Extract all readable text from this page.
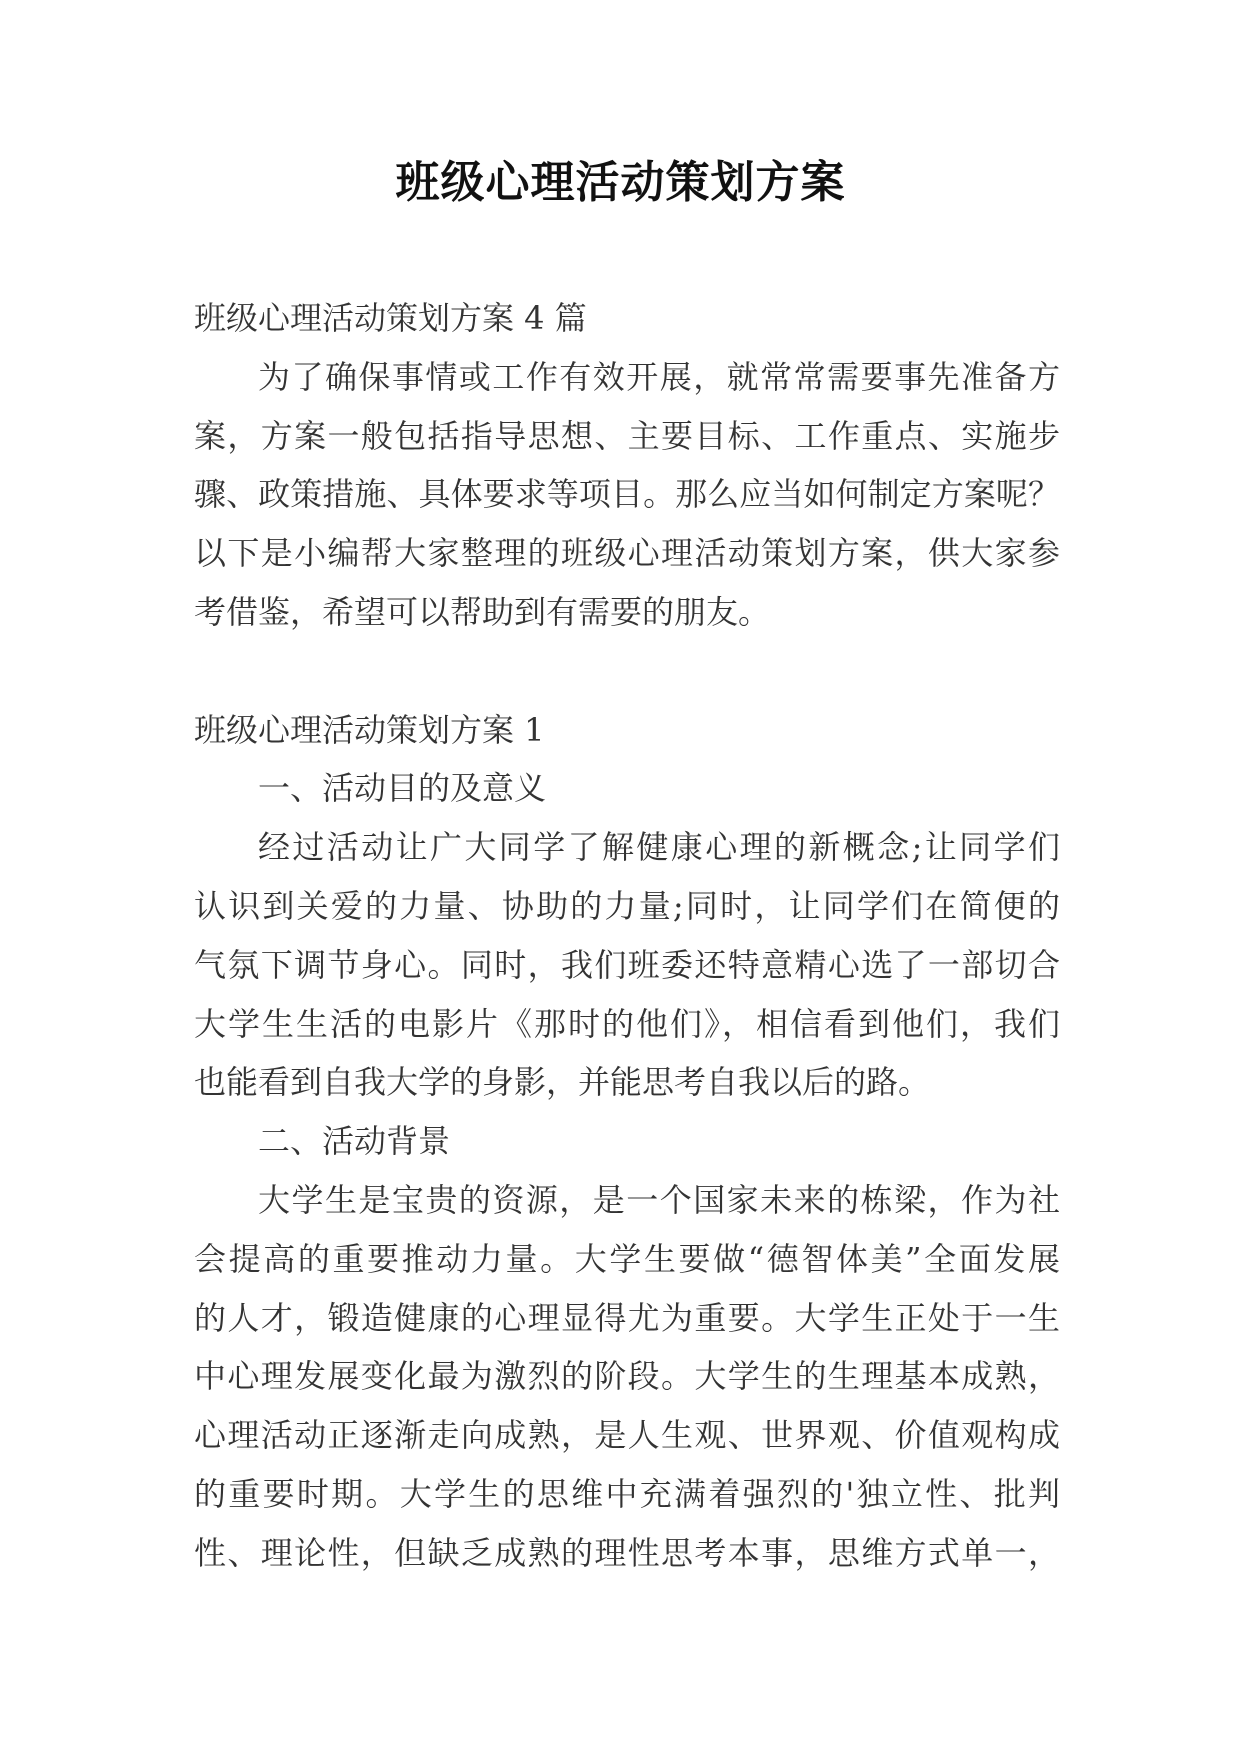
班级心理活动策划方案
班级心理活动策划方案 4 篇
为了确保事情或工作有效开展，就常常需要事先准备方
案，方案一般包括指导思想、主要目标、工作重点、实施步
骤、政策措施、具体要求等项目。那么应当如何制定方案呢？
以下是小编帮大家整理的班级心理活动策划方案，供大家参
考借鉴，希望可以帮助到有需要的朋友。
班级心理活动策划方案 1
一、活动目的及意义
经过活动让广大同学了解健康心理的新概念;让同学们
认识到关爱的力量、协助的力量;同时，让同学们在简便的
气氛下调节身心。同时，我们班委还特意精心选了一部切合
大学生生活的电影片《那时的他们》，相信看到他们，我们
也能看到自我大学的身影，并能思考自我以后的路。
二、活动背景
大学生是宝贵的资源，是一个国家未来的栋梁，作为社
会提高的重要推动力量。大学生要做“德智体美”全面发展
的人才，锻造健康的心理显得尤为重要。大学生正处于一生
中心理发展变化最为激烈的阶段。大学生的生理基本成熟，
心理活动正逐渐走向成熟，是人生观、世界观、价值观构成
的重要时期。大学生的思维中充满着强烈的'独立性、批判
性、理论性，但缺乏成熟的理性思考本事，思维方式单一，
